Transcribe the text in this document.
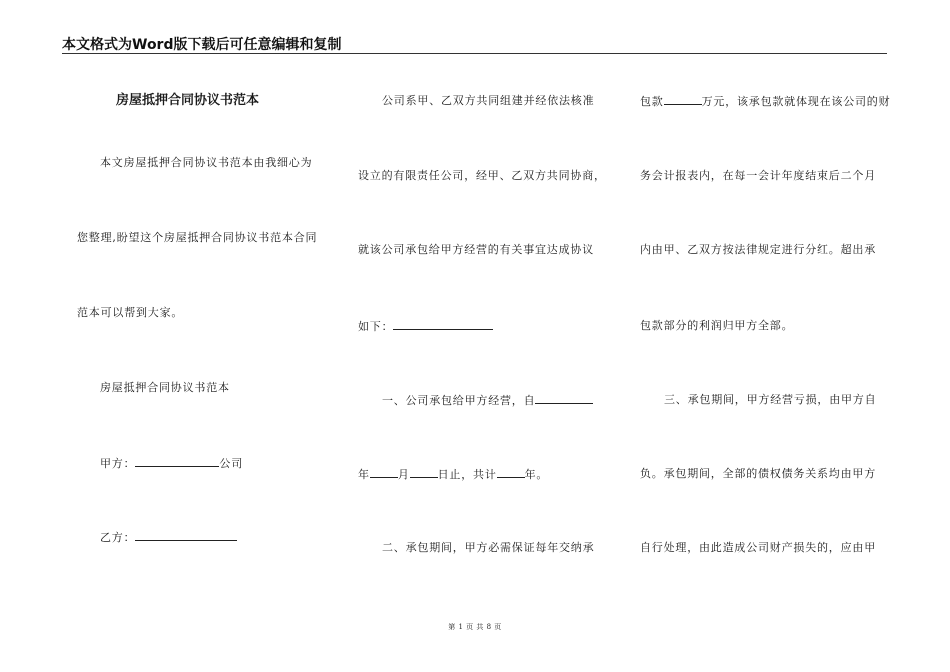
本文格式为Word版下载后可任意编辑和复制
房屋抵押合同协议书范本
本文房屋抵押合同协议书范本由我细心为
您整理,盼望这个房屋抵押合同协议书范本合同
范本可以帮到大家。
房屋抵押合同协议书范本
甲方：	公司
乙方：
公司系甲、乙双方共同组建并经依法核准
设立的有限责任公司，经甲、乙双方共同协商，
就该公司承包给甲方经营的有关事宜达成协议
如下：
一、公司承包给甲方经营，自
年	月	日止，共计	年。
二、承包期间，甲方必需保证每年交纳承
包款	万元，该承包款就体现在该公司的财
务会计报表内，在每一会计年度结束后二个月
内由甲、乙双方按法律规定进行分红。超出承
包款部分的利润归甲方全部。
三、承包期间，甲方经营亏损，由甲方自
负。承包期间，全部的债权债务关系均由甲方
自行处理，由此造成公司财产损失的，应由甲
第 1 页 共 8 页
